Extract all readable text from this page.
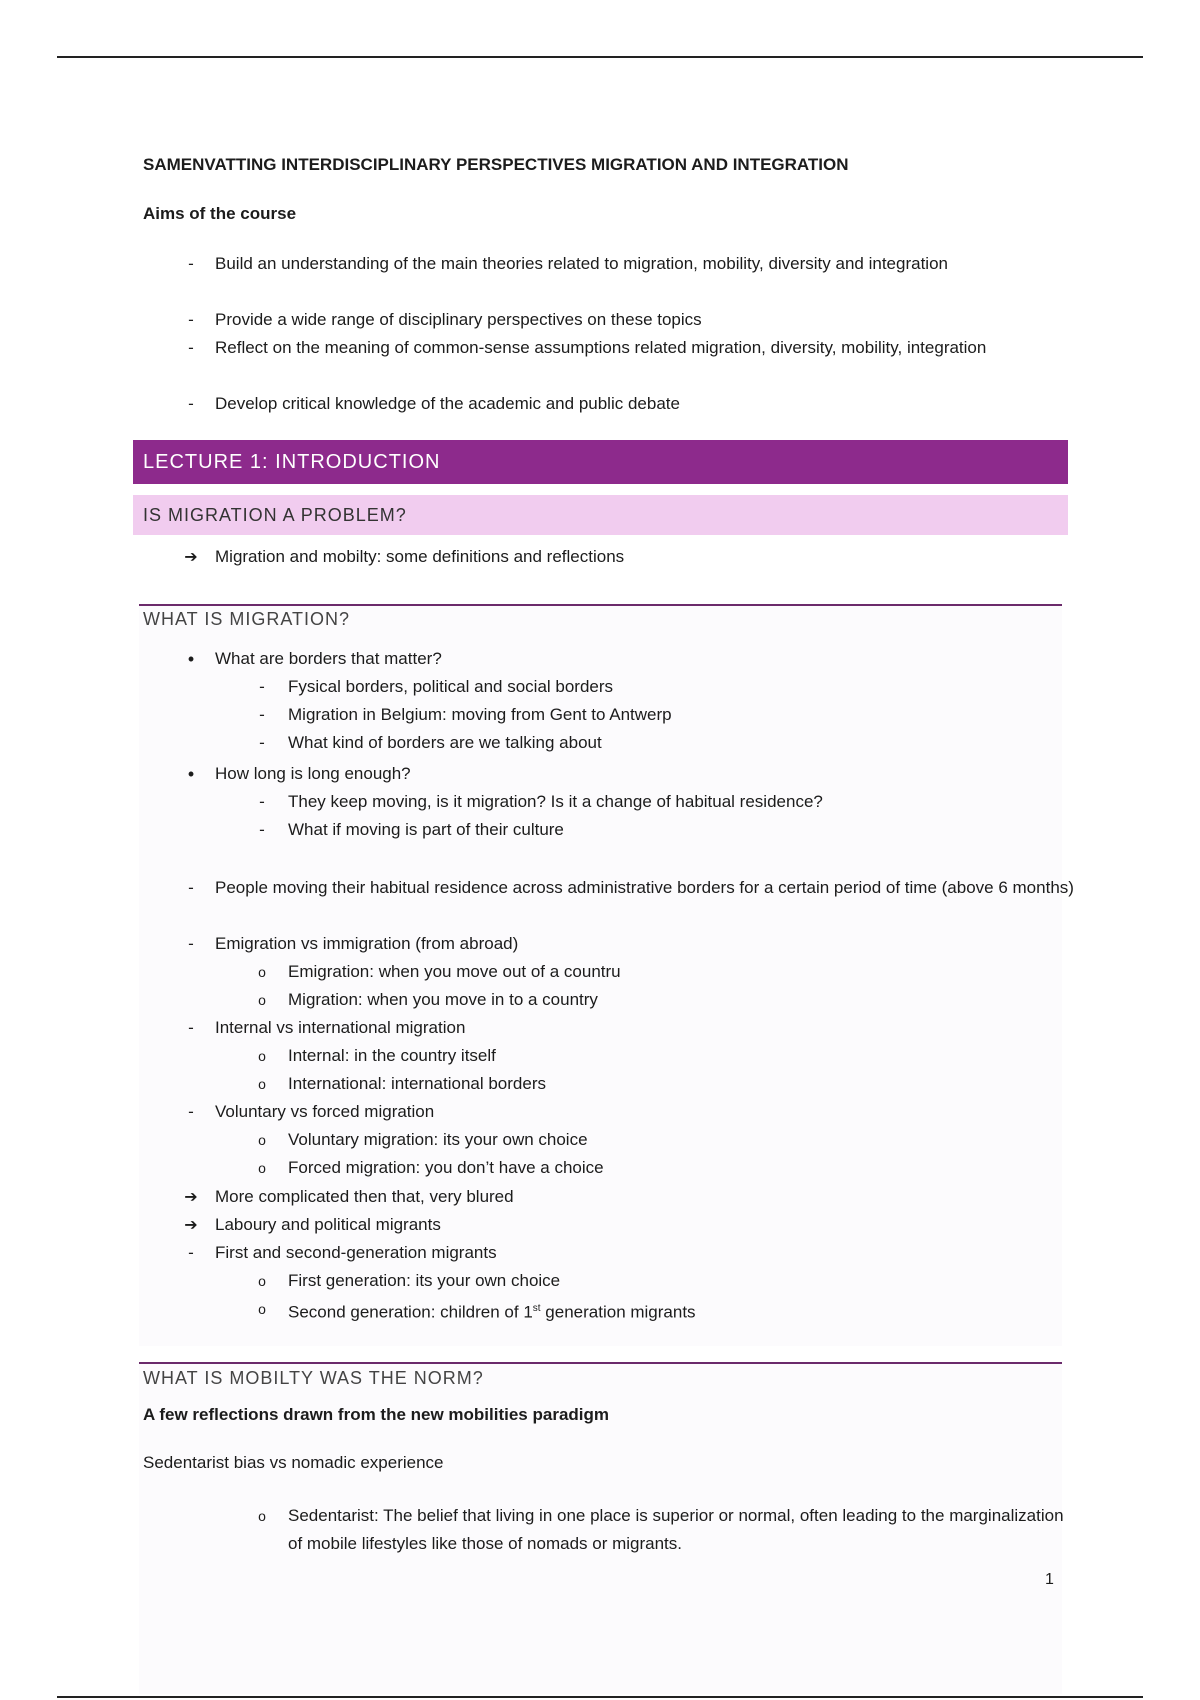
SAMENVATTING INTERDISCIPLINARY PERSPECTIVES MIGRATION AND INTEGRATION
Aims of the course
-
Build an understanding of the main theories related to migration, mobility, diversity and integration
-
Provide a wide range of disciplinary perspectives on these topics
-
Reflect on the meaning of common-sense assumptions related migration, diversity, mobility, integration
-
Develop critical knowledge of the academic and public debate
LECTURE 1: INTRODUCTION
IS MIGRATION A PROBLEM?
➔
Migration and mobilty: some definitions and reflections
WHAT IS MIGRATION?
•
What are borders that matter?
-
Fysical borders, political and social borders
-
Migration in Belgium: moving from Gent to Antwerp
-
What kind of borders are we talking about
•
How long is long enough?
-
They keep moving, is it migration? Is it a change of habitual residence?
-
What if moving is part of their culture
-
People moving their habitual residence across administrative borders for a certain period of time (above 6 months)
-
Emigration vs immigration (from abroad)
o
Emigration: when you move out of a countru
o
Migration: when you move in to a country
-
Internal vs international migration
o
Internal: in the country itself
o
International: international borders
-
Voluntary vs forced migration
o
Voluntary migration: its your own choice
o
Forced migration: you don’t have a choice
➔
More complicated then that, very blured
➔
Laboury and political migrants
-
First and second-generation migrants
o
First generation: its your own choice
o
Second generation: children of 1st generation migrants
WHAT IS MOBILTY WAS THE NORM?
A few reflections drawn from the new mobilities paradigm
Sedentarist bias vs nomadic experience
o
Sedentarist: The belief that living in one place is superior or normal, often leading to the marginalization of mobile lifestyles like those of nomads or migrants.
1
